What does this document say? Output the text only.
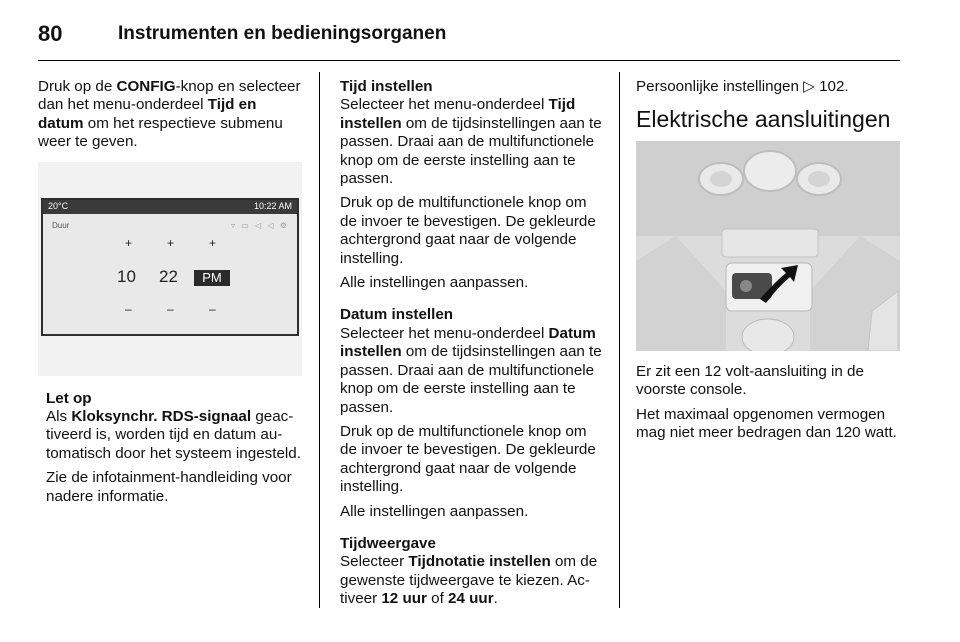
80	Instrumenten en bedieningsorganen

Druk op de CONFIG-knop en selecteer dan het menu-onderdeel Tijd en datum om het respectieve submenu weer te geven.

20°C	10:22 AM
Duur	▿ ▭ ◁ ◁ ⚙
+	+	+
10 22	PM
–	–	–

Let op

Als Kloksynchr. RDS-signaal geactiveerd is, worden tijd en datum automatisch door het systeem ingesteld.

Zie de infotainment-handleiding voor nadere informatie.

Tijd instellen

Selecteer het menu-onderdeel Tijd instellen om de tijdsinstellingen aan te passen. Draai aan de multifunctionele knop om de eerste instelling aan te passen.

Druk op de multifunctionele knop om de invoer te bevestigen. De gekleurde achtergrond gaat naar de volgende instelling.

Alle instellingen aanpassen.

Datum instellen

Selecteer het menu-onderdeel Datum instellen om de tijdsinstellingen aan te passen. Draai aan de multifunctionele knop om de eerste instelling aan te passen.

Druk op de multifunctionele knop om de invoer te bevestigen. De gekleurde achtergrond gaat naar de volgende instelling.

Alle instellingen aanpassen.

Tijdweergave

Selecteer Tijdnotatie instellen om de gewenste tijdweergave te kiezen. Activeer 12 uur of 24 uur.

Persoonlijke instellingen ▷ 102.

Elektrische aansluitingen

Er zit een 12 volt-aansluiting in de voorste console.

Het maximaal opgenomen vermogen mag niet meer bedragen dan 120 watt.
